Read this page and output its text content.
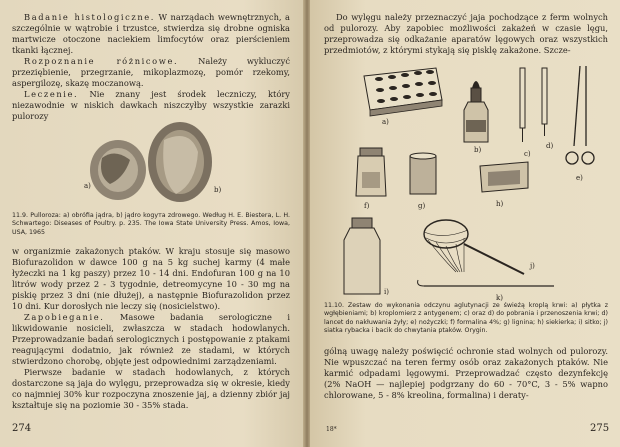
Badanie histologiczne. W narządach wewnętrznych, a szczególnie w wątrobie i trzustce, stwierdza się drobne ogniska martwicze otoczone naciekiem limfocytów oraz pierścieniem tkanki łącznej.

Rozpoznanie różnicowe. Należy wykluczyć przeziębienie, przegrzanie, mikoplazmozę, pomór rzekomy, aspergilozę, skazę moczanową.

Leczenie. Nie znany jest środek leczniczy, który niezawodnie w niskich dawkach niszczyłby wszystkie zarazki pulorozy

a)	b)
11.9. Pulloroza: a) obrófia jądra, b) jądro kogута zdrowego. Według H. E. Biestera, L. H. Schwartego: Diseases of Poultry. p. 235. The Iowa State University Press. Amos, Iowa, USA, 1965

w organizmie zakażonych ptaków. W kraju stosuje się masowo Biofurazolidon w dawce 100 g na 5 kg suchej karmy (4 małe łyżeczki na 1 kg paszy) przez 10 - 14 dni. Endofuran 100 g na 10 litrów wody przez 2 - 3 tygodnie, detreomycyne 10 - 30 mg na piskię przez 3 dni (nie dłużej), a następnie Biofurazolidon przez 10 dni. Kur dorosłych nie leczy się (nosicielstwo).

Zapobieganie. Masowe badania serologiczne i likwidowanie nosicieli, zwłaszcza w stadach hodowlanych. Przeprowadzanie badań serologicznych i postępowanie z ptakami reagującymi dodatnio, jak również ze stadami, w których stwierdzono chorobę, objęte jest odpowiednimi zarządzeniami.

Pierwsze badanie w stadach hodowlanych, z których dostarczone są jaja do wylęgu, przeprowadza się w okresie, kiedy co najmniej 30% kur rozpoczyna znoszenie jaj, a dzienny zbiór jaj kształtuje się na poziomie 30 - 35% stada.

274

Do wylęgu należy przeznaczyć jaja pochodzące z ferm wolnych od pulorozy. Aby zapobiec możliwości zakażeń w czasie lęgu, przeprowadza się odkażanie aparatów lęgowych oraz wszystkich przedmiotów, z którymi stykają się pisklę zakażone. Szcze-

a)
b)	c)
d)
e)
f)	g)	h)
i)
j)
k)
11.10. Zestaw do wykonania odczynu aglutynacji ze świeżą kroplą krwi: a) płytka z wgłębieniami; b) kroplomierz z antygenem; c) oraz d) do pobrania i przenoszenia krwi; d) lancet do nakłuwania żyły; e) nożyczki; f) formalina 4%; g) lignina; h) siekierka; i) sitko; j) siatka rybacka i bacik do chwytania ptaków. Orygin.

gólną uwagę należy poświęcić ochronie stad wolnych od pulorozy. Nie wpuszczać na teren fermy osób oraz zakażonych ptaków. Nie karmić odpadami lęgowymi. Przeprowadzać często dezynfekcję (2% NaOH — najlepiej podgrzany do 60 - 70°C, 3 - 5% wapno chlorowane, 5 - 8% kreolina, formalina) i deraty-

18*	275
